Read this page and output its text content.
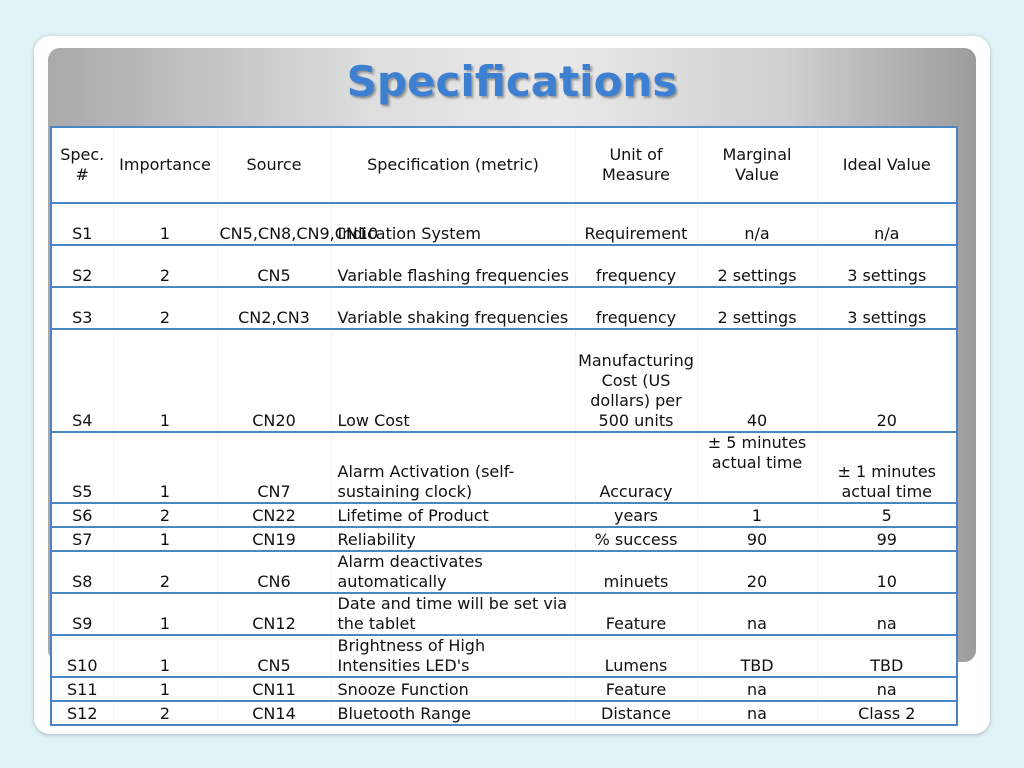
Specifications
Spec. #	Importance	Source	Specification (metric)	Unit of Measure	Marginal Value	Ideal Value
S1	1	CN5,CN8,CN9,CN10	Indication System	Requirement	n/a	n/a
S2	2	CN5	Variable flashing frequencies	frequency	2 settings	3 settings
S3	2	CN2,CN3	Variable shaking frequencies	frequency	2 settings	3 settings
S4	1	CN20	Low Cost	Manufacturing Cost (US dollars) per 500 units	40	20
S5	1	CN7	Alarm Activation (self-sustaining clock)	Accuracy	± 5 minutes actual time	± 1 minutes actual time
S6	2	CN22	Lifetime of Product	years	1	5
S7	1	CN19	Reliability	% success	90	99
S8	2	CN6	Alarm deactivates automatically	minuets	20	10
S9	1	CN12	Date and time will be set via the tablet	Feature	na	na
S10	1	CN5	Brightness of High Intensities LED's	Lumens	TBD	TBD
S11	1	CN11	Snooze Function	Feature	na	na
S12	2	CN14	Bluetooth Range	Distance	na	Class 2
